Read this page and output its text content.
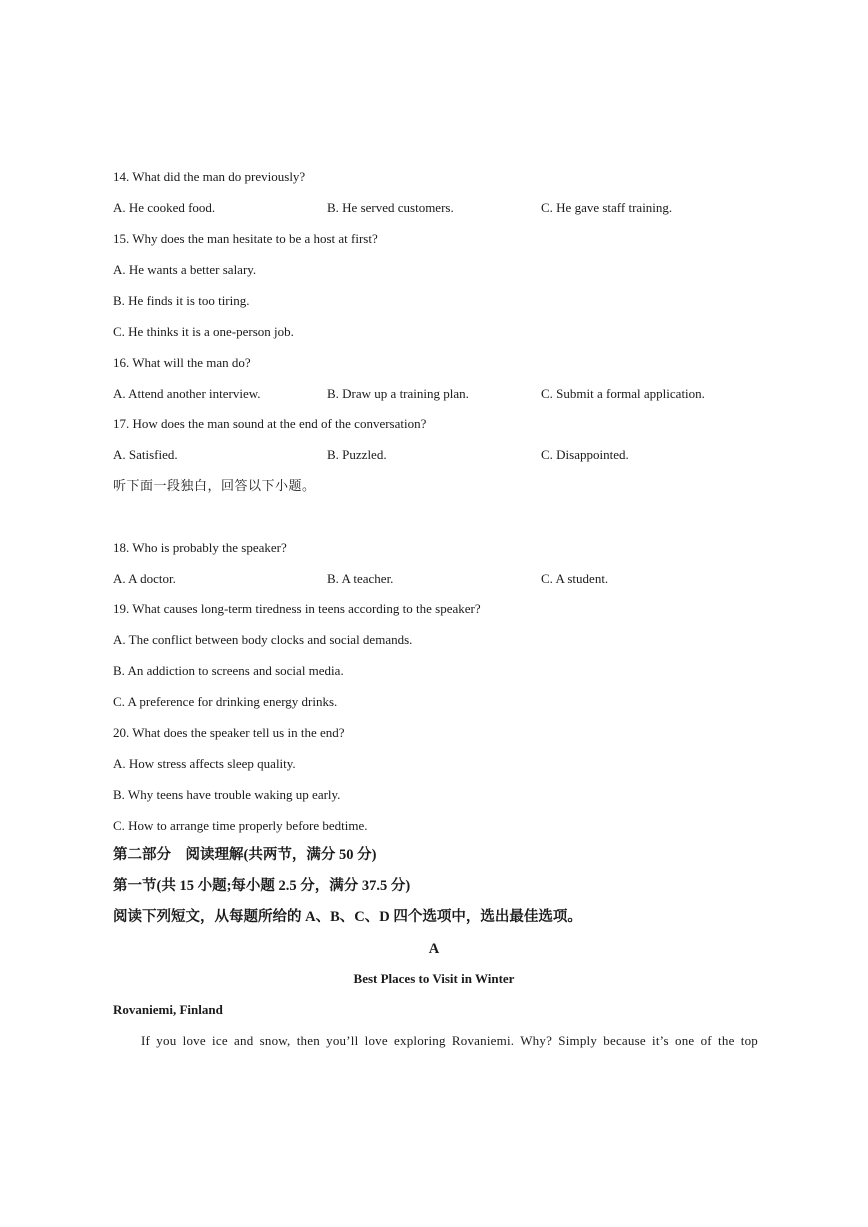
14. What did the man do previously?
A. He cooked food.	B. He served customers.	C. He gave staff training.
15. Why does the man hesitate to be a host at first?
A. He wants a better salary.
B. He finds it is too tiring.
C. He thinks it is a one-person job.
16. What will the man do?
A. Attend another interview.	B. Draw up a training plan.	C. Submit a formal application.
17. How does the man sound at the end of the conversation?
A. Satisfied.	B. Puzzled.	C. Disappointed.
听下面一段独白，回答以下小题。
18. Who is probably the speaker?
A. A doctor.	B. A teacher.	C. A student.
19. What causes long-term tiredness in teens according to the speaker?
A. The conflict between body clocks and social demands.
B. An addiction to screens and social media.
C. A preference for drinking energy drinks.
20. What does the speaker tell us in the end?
A. How stress affects sleep quality.
B. Why teens have trouble waking up early.
C. How to arrange time properly before bedtime.
第二部分　阅读理解(共两节，满分 50 分)
第一节(共 15 小题;每小题 2.5 分，满分 37.5 分)
阅读下列短文，从每题所给的 A、B、C、D 四个选项中，选出最佳选项。
A
Best Places to Visit in Winter
Rovaniemi, Finland
If you love ice and snow, then you’ll love exploring Rovaniemi. Why? Simply because it’s one of the top
